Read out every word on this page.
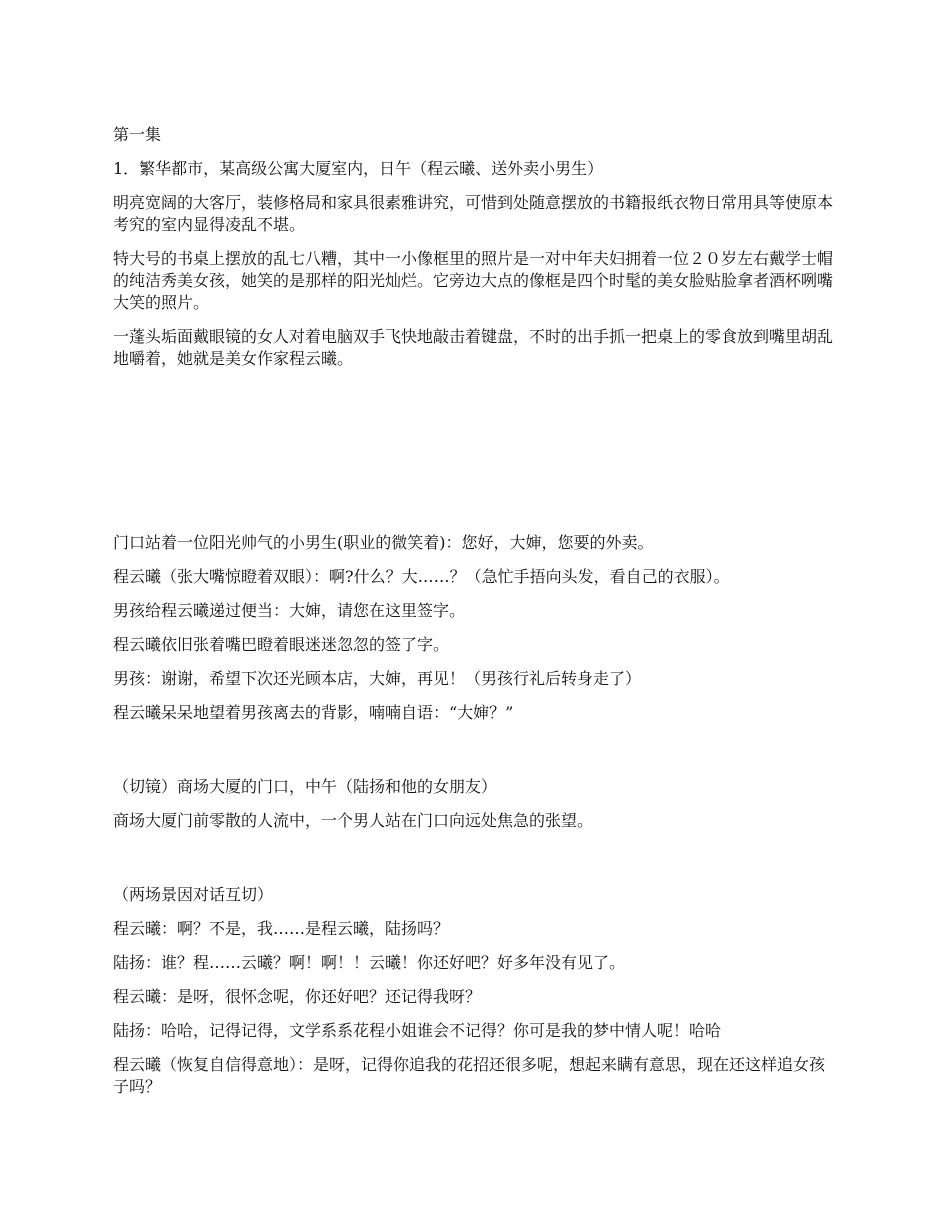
第一集

1．繁华都市，某高级公寓大厦室内，日午（程云曦、送外卖小男生）

明亮宽阔的大客厅，装修格局和家具很素雅讲究，可惜到处随意摆放的书籍报纸衣物日常用具等使原本考究的室内显得凌乱不堪。

特大号的书桌上摆放的乱七八糟，其中一小像框里的照片是一对中年夫妇拥着一位２０岁左右戴学士帽的纯洁秀美女孩，她笑的是那样的阳光灿烂。它旁边大点的像框是四个时髦的美女脸贴脸拿者酒杯咧嘴大笑的照片。

一蓬头垢面戴眼镜的女人对着电脑双手飞快地敲击着键盘，不时的出手抓一把桌上的零食放到嘴里胡乱地嚼着，她就是美女作家程云曦。

门口站着一位阳光帅气的小男生(职业的微笑着)：您好，大婶，您要的外卖。

程云曦（张大嘴惊瞪着双眼）：啊?什么？大……？（急忙手捂向头发，看自己的衣服）。

男孩给程云曦递过便当：大婶，请您在这里签字。

程云曦依旧张着嘴巴瞪着眼迷迷忽忽的签了字。

男孩：谢谢，希望下次还光顾本店，大婶，再见！（男孩行礼后转身走了）

程云曦呆呆地望着男孩离去的背影，喃喃自语：“大婶？”

（切镜）商场大厦的门口，中午（陆扬和他的女朋友）

商场大厦门前零散的人流中，一个男人站在门口向远处焦急的张望。

（两场景因对话互切）

程云曦：啊？不是，我……是程云曦，陆扬吗？

陆扬：谁？程……云曦？啊！啊！！云曦！你还好吧？好多年没有见了。

程云曦：是呀，很怀念呢，你还好吧？还记得我呀？

陆扬：哈哈，记得记得，文学系系花程小姐谁会不记得？你可是我的梦中情人呢！哈哈

程云曦（恢复自信得意地）：是呀，记得你追我的花招还很多呢，想起来瞒有意思，现在还这样追女孩子吗？
